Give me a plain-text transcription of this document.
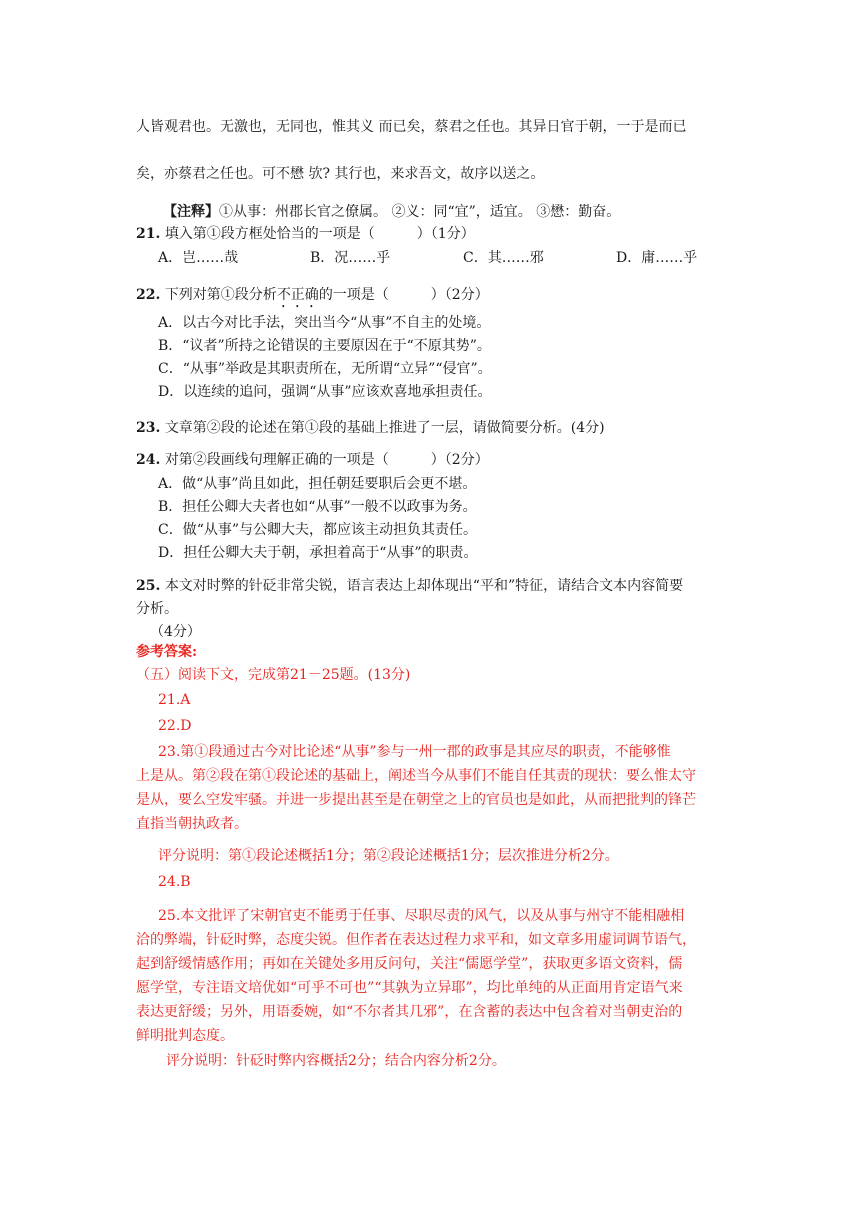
人皆观君也。无激也，无同也，惟其义 而已矣，蔡君之任也。其异日官于朝，一于是而已
矣，亦蔡君之任也。可不懋 欤? 其行也，来求吾文，故序以送之。
【注释】①从事：州郡长官之僚属。 ②义：同“宜”，适宜。 ③懋：勤奋。
21. 填入第①段方框处恰当的一项是（　　　）（1分）
A．岂……哉	B．况……乎	C．其……邪	D．庸……乎
22. 下列对第①段分析不正确的一项是（　　　）（2分）
A．以古今对比手法，突出当今“从事”不自主的处境。
B．“议者”所持之论错误的主要原因在于“不原其势”。
C．“从事”举政是其职责所在，无所谓“立异”“侵官”。
D．以连续的追问，强调“从事”应该欢喜地承担责任。
23. 文章第②段的论述在第①段的基础上推进了一层，请做简要分析。(4分)
24. 对第②段画线句理解正确的一项是（　　　）（2分）
A．做“从事”尚且如此，担任朝廷要职后会更不堪。
B．担任公卿大夫者也如“从事”一般不以政事为务。
C．做“从事”与公卿大夫，都应该主动担负其责任。
D．担任公卿大夫于朝，承担着高于“从事”的职责。
25. 本文对时弊的针砭非常尖锐，语言表达上却体现出“平和”特征，请结合文本内容简要
分析。
（4分）
参考答案:
（五）阅读下文，完成第21－25题。(13分)
21.A
22.D
23.第①段通过古今对比论述“从事”参与一州一郡的政事是其应尽的职责，不能够惟
上是从。第②段在第①段论述的基础上，阐述当今从事们不能自任其责的现状：要么惟太守
是从，要么空发牢骚。并进一步提出甚至是在朝堂之上的官员也是如此，从而把批判的锋芒
直指当朝执政者。
评分说明：第①段论述概括1分；第②段论述概括1分；层次推进分析2分。
24.B
25.本文批评了宋朝官吏不能勇于任事、尽职尽责的风气，以及从事与州守不能相融相
洽的弊端，针砭时弊，态度尖锐。但作者在表达过程力求平和，如文章多用虚词调节语气，
起到舒缓情感作用；再如在关键处多用反问句，关注“儒愿学堂”，获取更多语文资料，儒
愿学堂，专注语文培优如“可乎不可也”“其孰为立异耶”，均比单纯的从正面用肯定语气来
表达更舒缓；另外，用语委婉，如“不尔者其几邪”，在含蓄的表达中包含着对当朝吏治的
鲜明批判态度。
评分说明：针砭时弊内容概括2分；结合内容分析2分。
